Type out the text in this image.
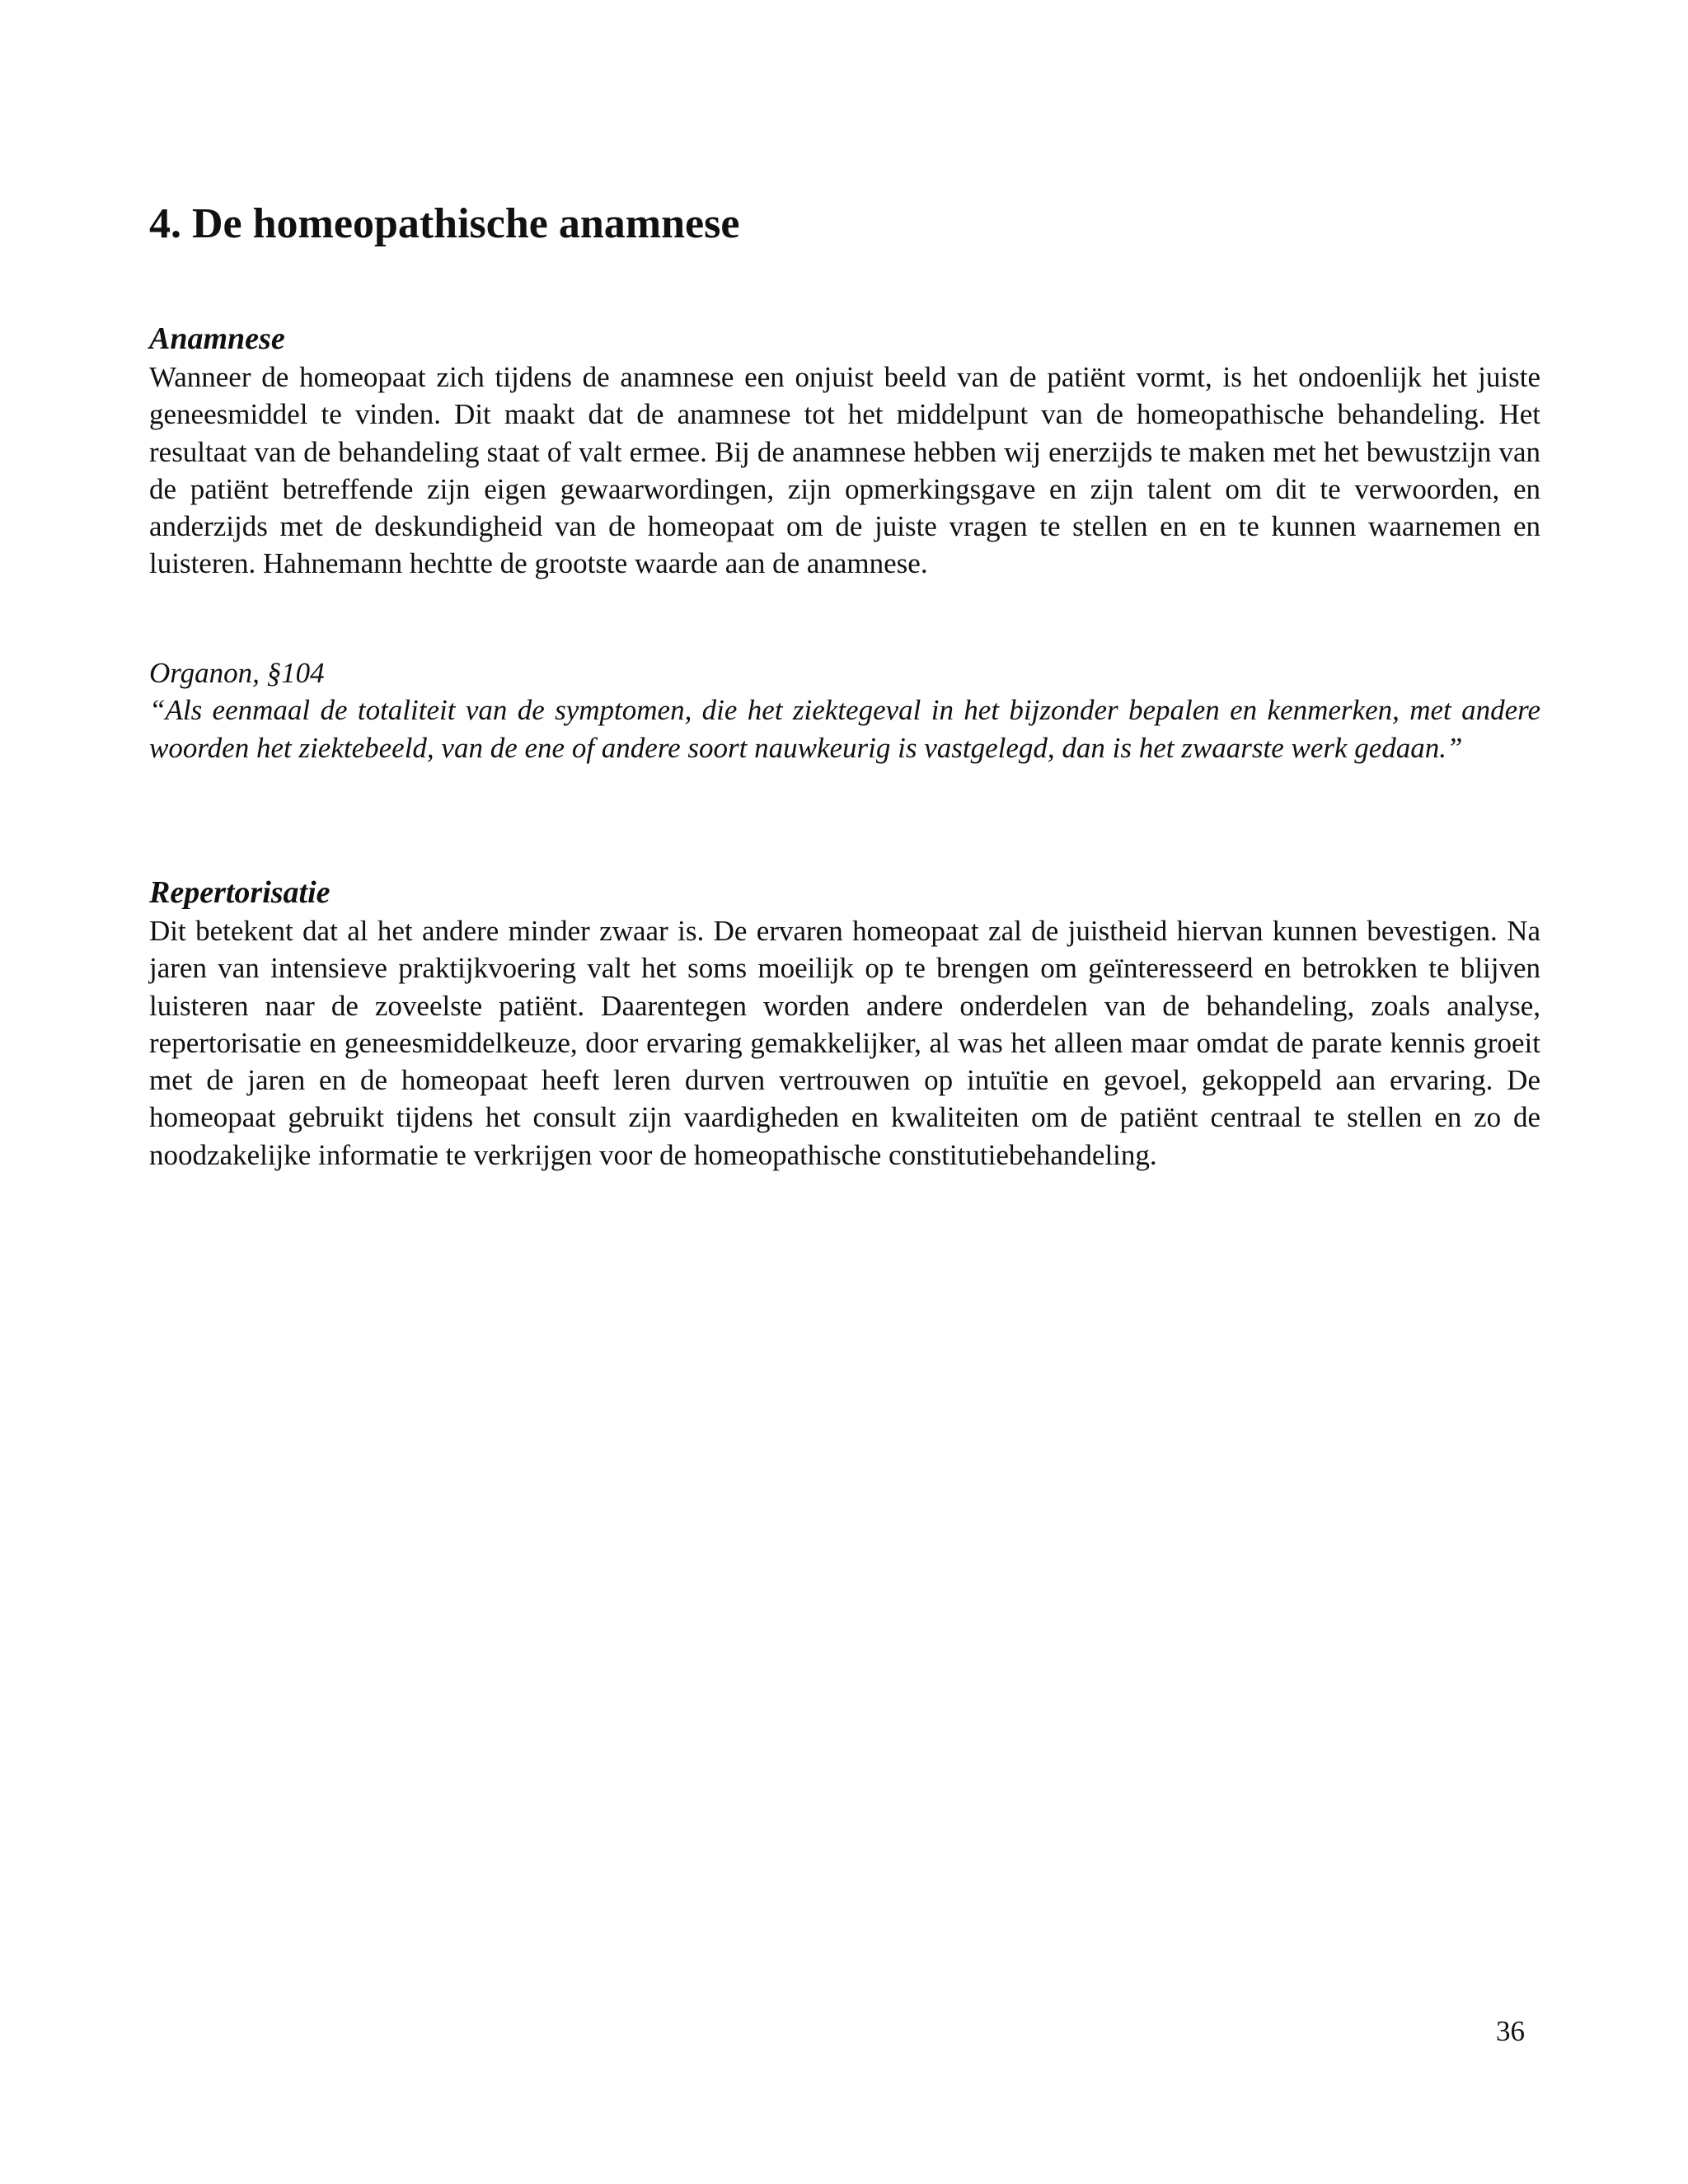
4. De homeopathische anamnese
Anamnese

Wanneer de homeopaat zich tijdens de anamnese een onjuist beeld van de patiënt vormt, is het ondoenlijk het juiste geneesmiddel te vinden. Dit maakt dat de anamnese tot het middelpunt van de homeopathische behandeling. Het resultaat van de behandeling staat of valt ermee. Bij de anamnese hebben wij enerzijds te maken met het bewustzijn van de patiënt betreffende zijn eigen gewaarwordingen, zijn opmerkingsgave en zijn talent om dit te verwoorden, en anderzijds met de deskundigheid van de homeopaat om de juiste vragen te stellen en en te kunnen waarnemen en luisteren. Hahnemann hechtte de grootste waarde aan de anamnese.

Organon, §104

“Als eenmaal de totaliteit van de symptomen, die het ziektegeval in het bijzonder bepalen en kenmerken, met andere woorden het ziektebeeld, van de ene of andere soort nauwkeurig is vastgelegd, dan is het zwaarste werk gedaan.”

Repertorisatie

Dit betekent dat al het andere minder zwaar is. De ervaren homeopaat zal de juistheid hiervan kunnen bevestigen. Na jaren van intensieve praktijkvoering valt het soms moeilijk op te brengen om geïnteresseerd en betrokken te blijven luisteren naar de zoveelste patiënt. Daarentegen worden andere onderdelen van de behandeling, zoals analyse, repertorisatie en geneesmiddelkeuze, door ervaring gemakkelijker, al was het alleen maar omdat de parate kennis groeit met de jaren en de homeopaat heeft leren durven vertrouwen op intuïtie en gevoel, gekoppeld aan ervaring. De homeopaat gebruikt tijdens het consult zijn vaardigheden en kwaliteiten om de patiënt centraal te stellen en zo de noodzakelijke informatie te verkrijgen voor de homeopathische constitutiebehandeling.

36
